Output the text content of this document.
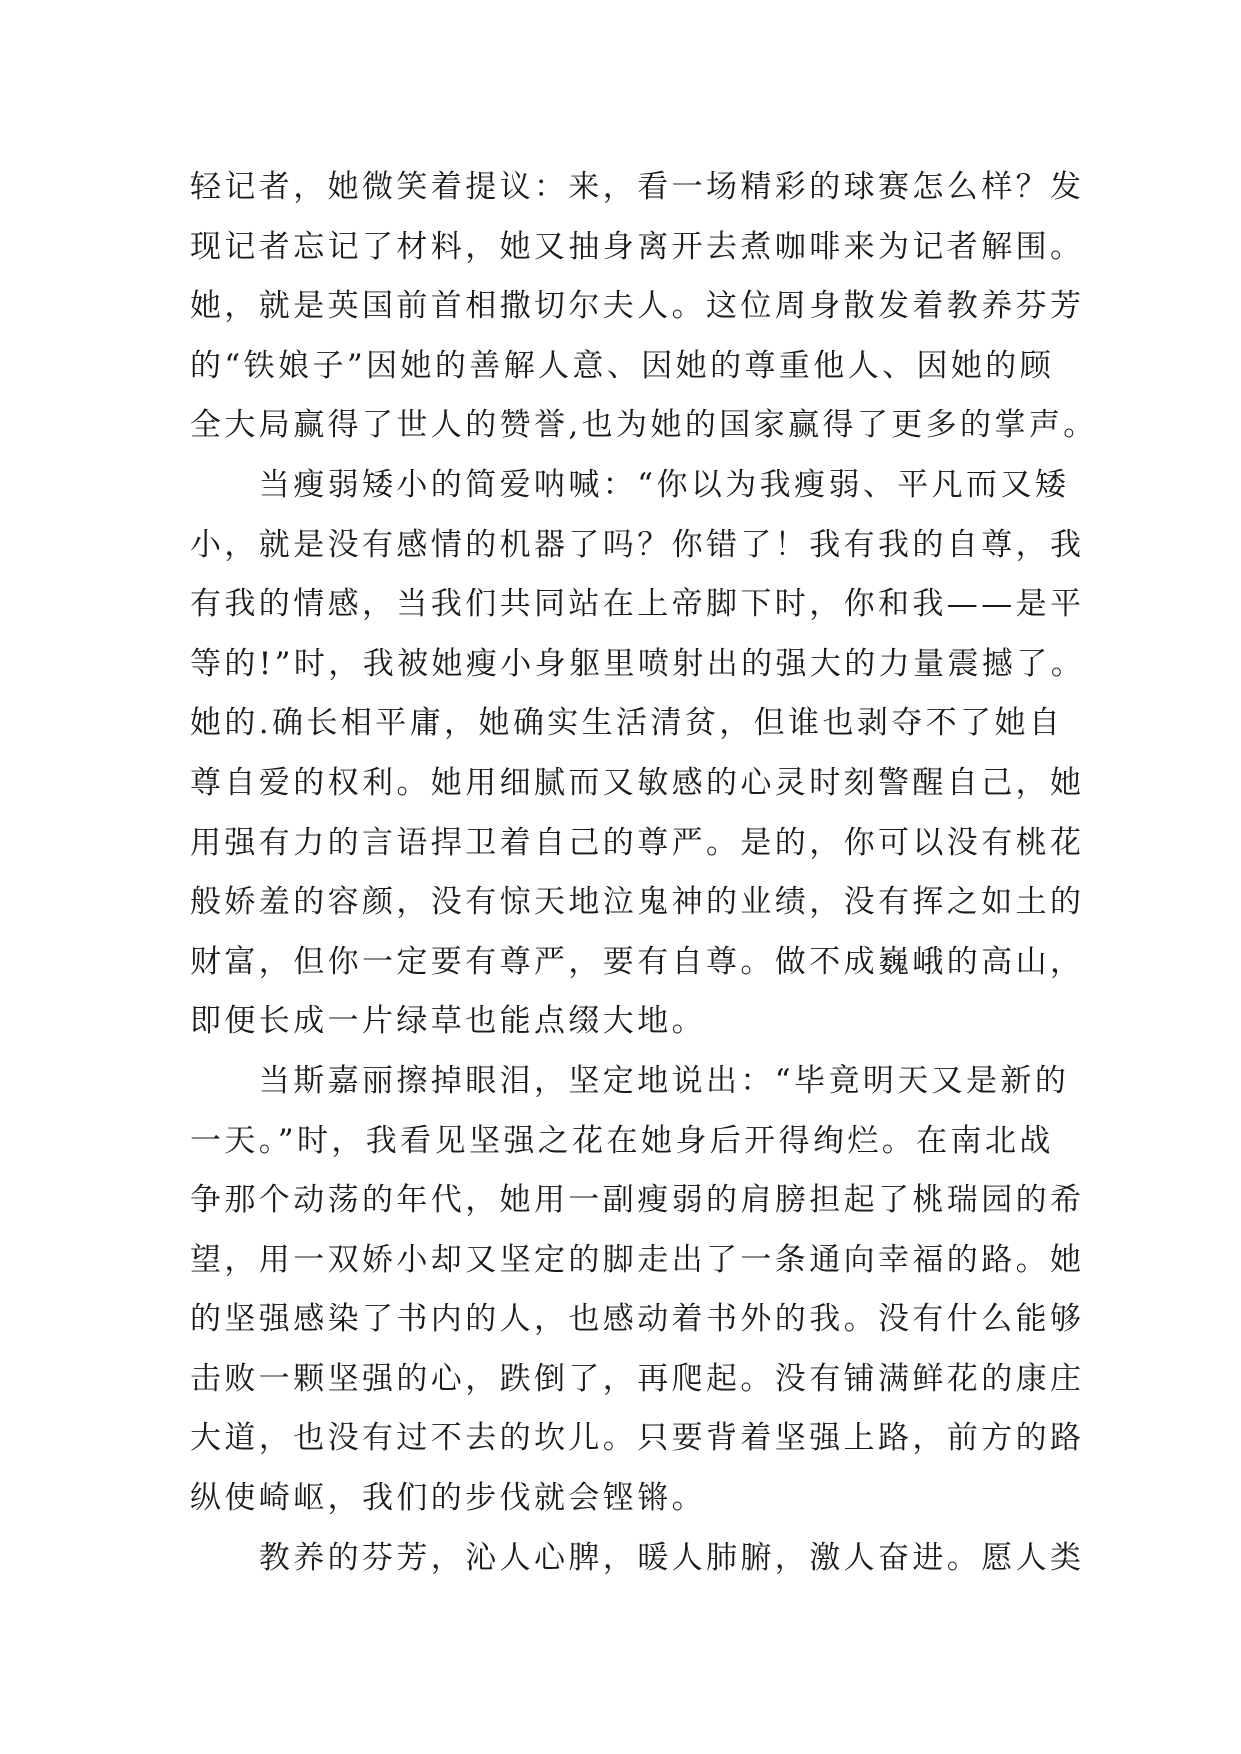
轻记者，她微笑着提议：来，看一场精彩的球赛怎么样？发
现记者忘记了材料，她又抽身离开去煮咖啡来为记者解围。
她，就是英国前首相撒切尔夫人。这位周身散发着教养芬芳
的“铁娘子”因她的善解人意、因她的尊重他人、因她的顾
全大局赢得了世人的赞誉,也为她的国家赢得了更多的掌声。
　　当瘦弱矮小的简爱呐喊：“你以为我瘦弱、平凡而又矮
小，就是没有感情的机器了吗？你错了！我有我的自尊，我
有我的情感，当我们共同站在上帝脚下时，你和我——是平
等的!”时，我被她瘦小身躯里喷射出的强大的力量震撼了。
她的.确长相平庸，她确实生活清贫，但谁也剥夺不了她自
尊自爱的权利。她用细腻而又敏感的心灵时刻警醒自己，她
用强有力的言语捍卫着自己的尊严。是的，你可以没有桃花
般娇羞的容颜，没有惊天地泣鬼神的业绩，没有挥之如土的
财富，但你一定要有尊严，要有自尊。做不成巍峨的高山，
即便长成一片绿草也能点缀大地。
　　当斯嘉丽擦掉眼泪，坚定地说出：“毕竟明天又是新的
一天。”时，我看见坚强之花在她身后开得绚烂。在南北战
争那个动荡的年代，她用一副瘦弱的肩膀担起了桃瑞园的希
望，用一双娇小却又坚定的脚走出了一条通向幸福的路。她
的坚强感染了书内的人，也感动着书外的我。没有什么能够
击败一颗坚强的心，跌倒了，再爬起。没有铺满鲜花的康庄
大道，也没有过不去的坎儿。只要背着坚强上路，前方的路
纵使崎岖，我们的步伐就会铿锵。
　　教养的芬芳，沁人心脾，暖人肺腑，激人奋进。愿人类
